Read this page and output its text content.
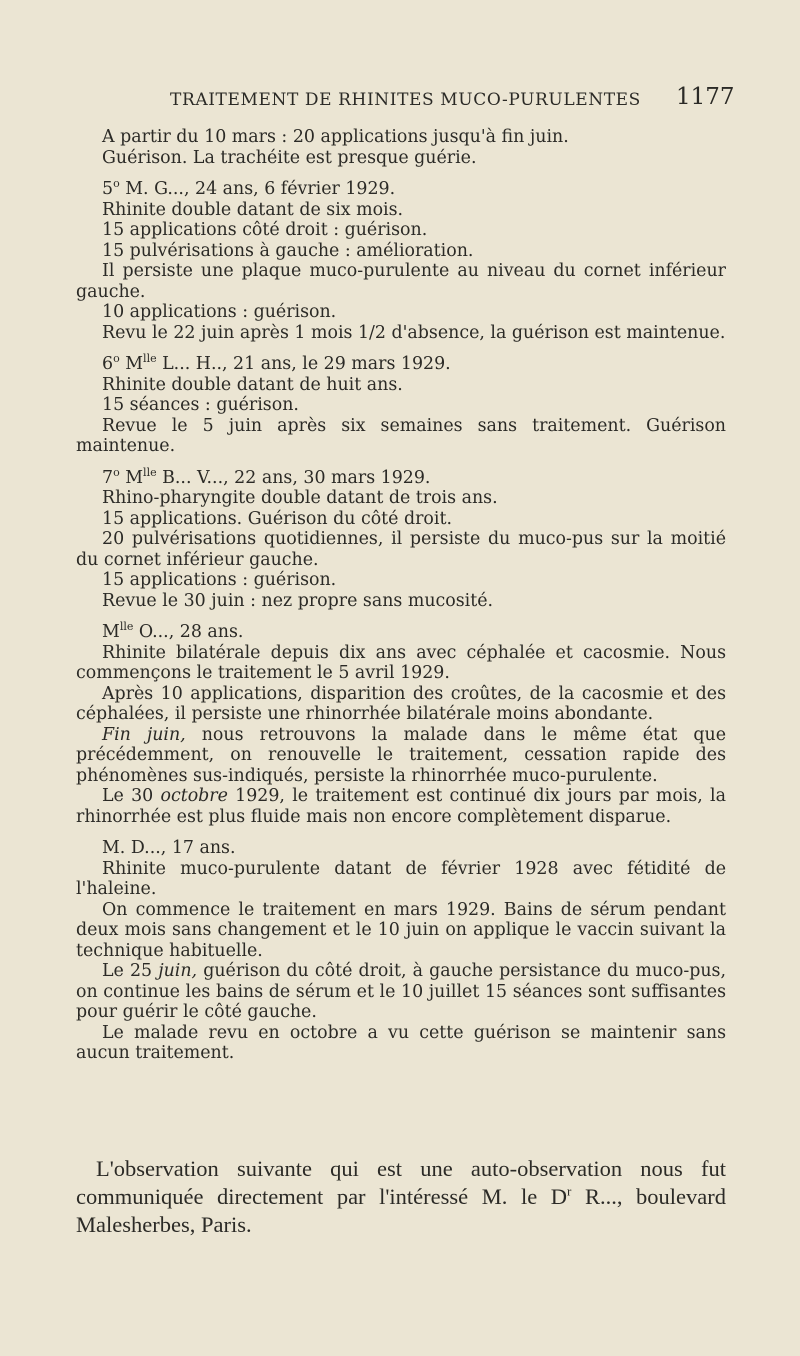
TRAITEMENT DE RHINITES MUCO-PURULENTES 1177

A partir du 10 mars : 20 applications jusqu'à fin juin.

Guérison. La trachéite est presque guérie.

5$^o$ M. G..., 24 ans, 6 février 1929.

Rhinite double datant de six mois.

15 applications côté droit : guérison.

15 pulvérisations à gauche : amélioration.

Il persiste une plaque muco-purulente au niveau du cornet inférieur gauche.

10 applications : guérison.

Revu le 22 juin après 1 mois 1/2 d'absence, la guérison est maintenue.

6$^o$ $M^{lle}$ L... H.., 21 ans, le 29 mars 1929.

Rhinite double datant de huit ans.

15 séances : guérison.

Revue le 5 juin après six semaines sans traitement. Guérison maintenue.

7$^o$ $M^{lle}$ B... V..., 22 ans, 30 mars 1929.

Rhino-pharyngite double datant de trois ans.

15 applications. Guérison du côté droit.

20 pulvérisations quotidiennes, il persiste du muco-pus sur la moitié du cornet inférieur gauche.

15 applications : guérison.

Revue le 30 juin : nez propre sans mucosité.

$M^{lle}$ O..., 28 ans.

Rhinite bilatérale depuis dix ans avec céphalée et cacosmie. Nous commençons le traitement le 5 avril 1929.

Après 10 applications, disparition des croûtes, de la cacosmie et des céphalées, il persiste une rhinorrhée bilatérale moins abondante.

Fin juin, nous retrouvons la malade dans le même état que précédemment, on renouvelle le traitement, cessation rapide des phénomènes sus-indiqués, persiste la rhinorrhée muco-purulente.

Le 30 octobre 1929, le traitement est continué dix jours par mois, la rhinorrhée est plus fluide mais non encore complètement disparue.

M. D..., 17 ans.

Rhinite muco-purulente datant de février 1928 avec fétidité de l'haleine.

On commence le traitement en mars 1929. Bains de sérum pendant deux mois sans changement et le 10 juin on applique le vaccin suivant la technique habituelle.

Le 25 juin, guérison du côté droit, à gauche persistance du muco-pus, on continue les bains de sérum et le 10 juillet 15 séances sont suffisantes pour guérir le côté gauche.

Le malade revu en octobre a vu cette guérison se maintenir sans aucun traitement.

L'observation suivante qui est une auto-observation nous fut communiquée directement par l'intéressé M. le $D^r$ R..., boulevard Malesherbes, Paris.
